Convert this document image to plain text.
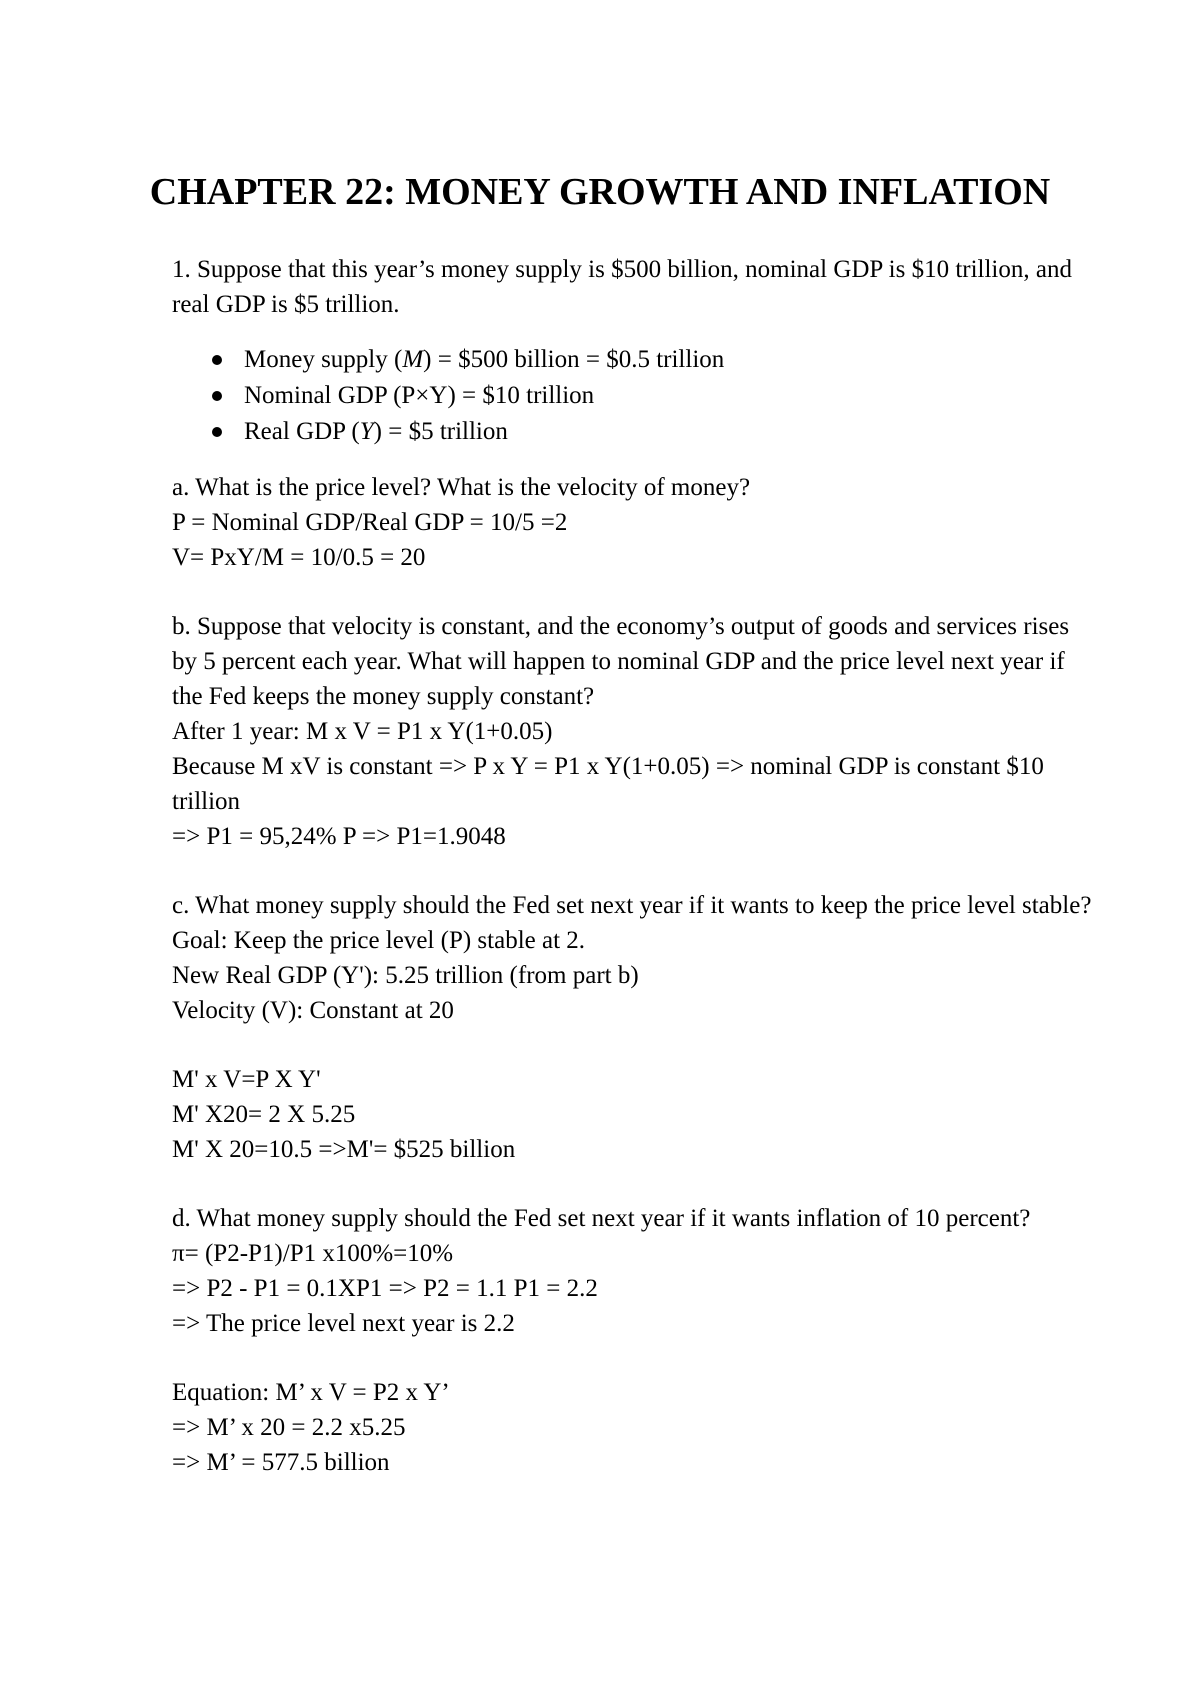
CHAPTER 22: MONEY GROWTH AND INFLATION

1. Suppose that this year’s money supply is $500 billion, nominal GDP is $10 trillion, and real GDP is $5 trillion.

Money supply (M) = $500 billion = $0.5 trillion
Nominal GDP (P×Y) = $10 trillion
Real GDP (Y) = $5 trillion

a. What is the price level? What is the velocity of money?

P = Nominal GDP/Real GDP = 10/5 =2

V= PxY/M = 10/0.5 = 20

b. Suppose that velocity is constant, and the economy’s output of goods and services rises by 5 percent each year. What will happen to nominal GDP and the price level next year if the Fed keeps the money supply constant?

After 1 year: M x V = P1 x Y(1+0.05)

Because M xV is constant => P x Y = P1 x Y(1+0.05) => nominal GDP is constant $10 trillion

=> P1 = 95,24% P => P1=1.9048

c. What money supply should the Fed set next year if it wants to keep the price level stable?

Goal: Keep the price level (P) stable at 2.

New Real GDP (Y'): 5.25 trillion (from part b)

Velocity (V): Constant at 20

M' x V=P X Y'

M' X20= 2 X 5.25

M' X 20=10.5 =>M'= $525 billion

d. What money supply should the Fed set next year if it wants inflation of 10 percent?

π= (P2-P1)/P1 x100%=10%

=> P2 - P1 = 0.1XP1 => P2 = 1.1 P1 = 2.2

=> The price level next year is 2.2

Equation: M’ x V = P2 x Y’

=> M’ x 20 = 2.2 x5.25

=> M’ = 577.5 billion
